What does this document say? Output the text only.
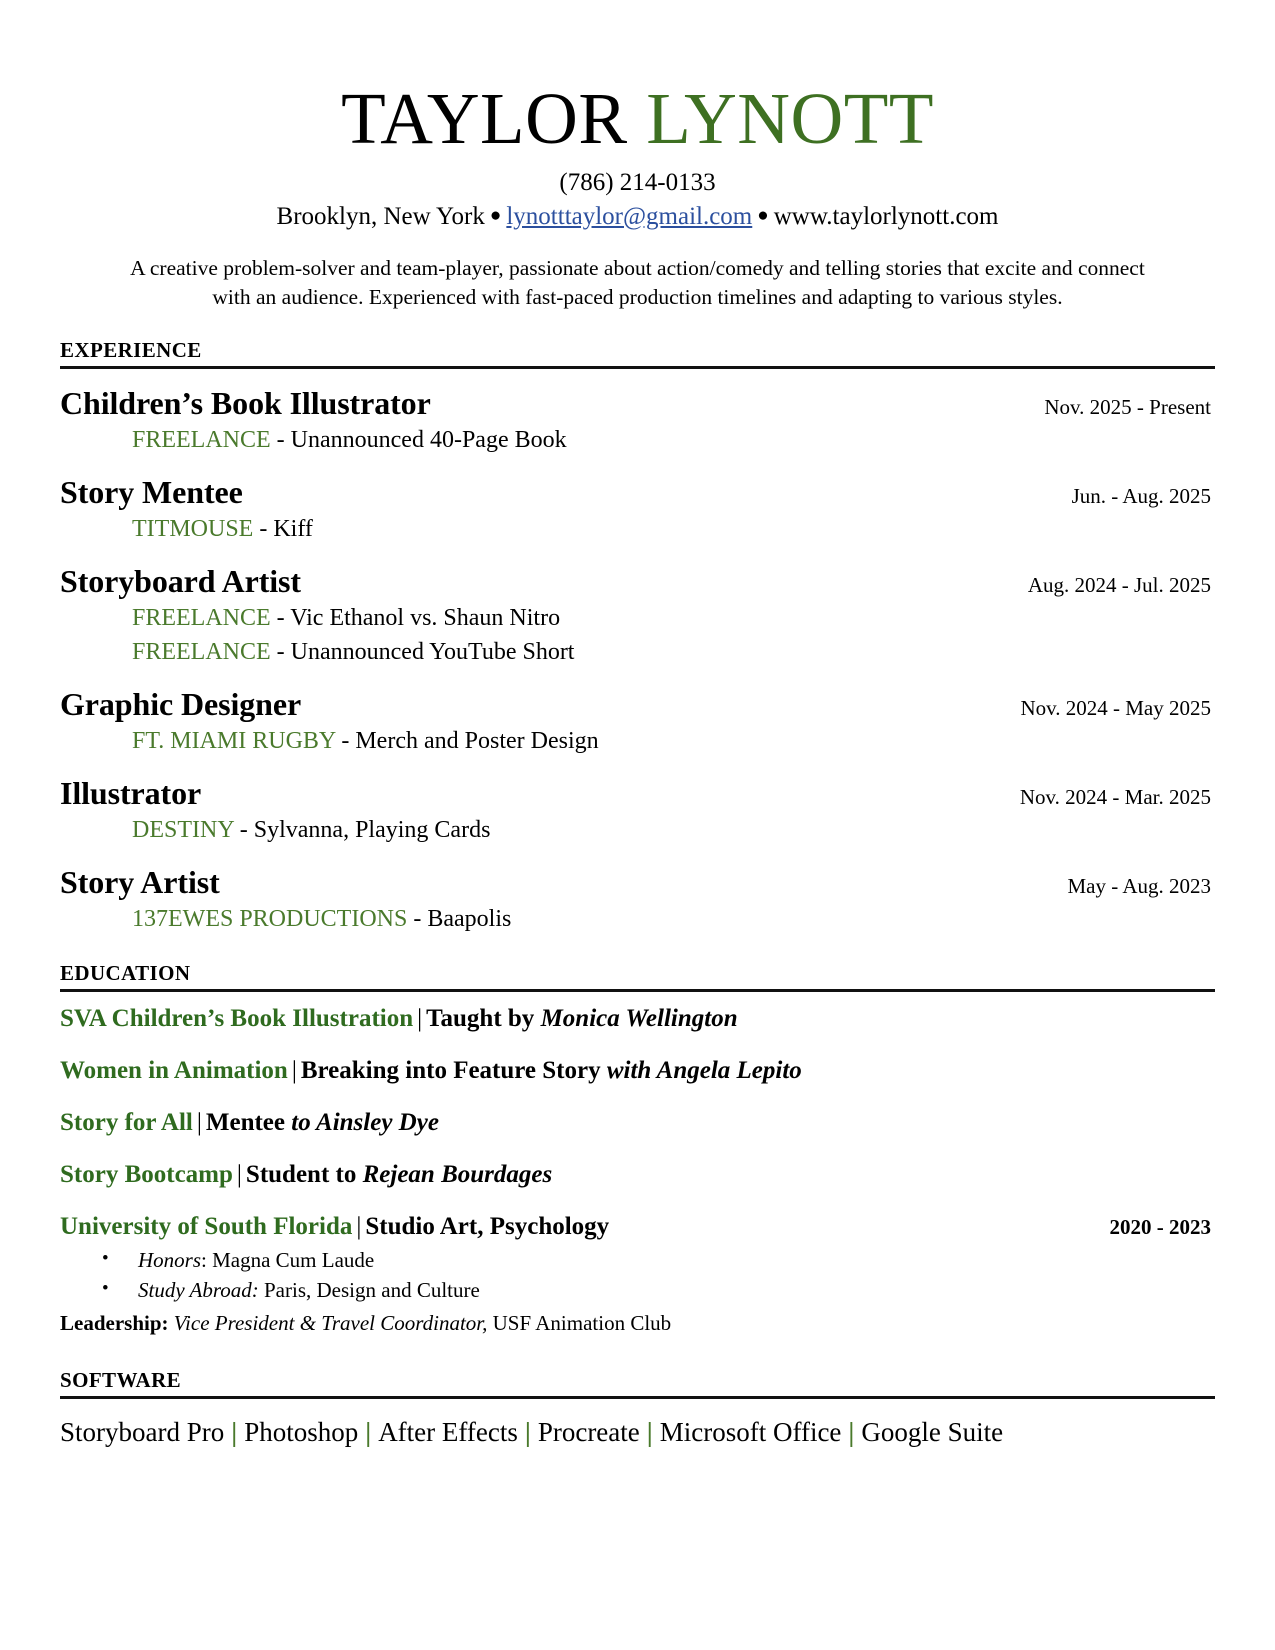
TAYLOR LYNOTT
(786) 214-0133
Brooklyn, New York ● lynotttaylor@gmail.com ● www.taylorlynott.com
A creative problem-solver and team-player, passionate about action/comedy and telling stories that excite and connect with an audience. Experienced with fast-paced production timelines and adapting to various styles.
EXPERIENCE
Children’s Book Illustrator	Nov. 2025 - Present
FREELANCE - Unannounced 40-Page Book
Story Mentee	Jun. - Aug. 2025
TITMOUSE - Kiff
Storyboard Artist	Aug. 2024 - Jul. 2025
FREELANCE - Vic Ethanol vs. Shaun Nitro
FREELANCE - Unannounced YouTube Short
Graphic Designer	Nov. 2024 - May 2025
FT. MIAMI RUGBY - Merch and Poster Design
Illustrator	Nov. 2024 - Mar. 2025
DESTINY - Sylvanna, Playing Cards
Story Artist	May - Aug. 2023
137EWES PRODUCTIONS - Baapolis
EDUCATION
SVA Children’s Book Illustration | Taught by Monica Wellington
Women in Animation | Breaking into Feature Story with Angela Lepito
Story for All | Mentee to Ainsley Dye
Story Bootcamp | Student to Rejean Bourdages
University of South Florida | Studio Art, Psychology	2020 - 2023
• Honors: Magna Cum Laude
• Study Abroad: Paris, Design and Culture
Leadership: Vice President & Travel Coordinator, USF Animation Club
SOFTWARE
Storyboard Pro | Photoshop | After Effects | Procreate | Microsoft Office | Google Suite
